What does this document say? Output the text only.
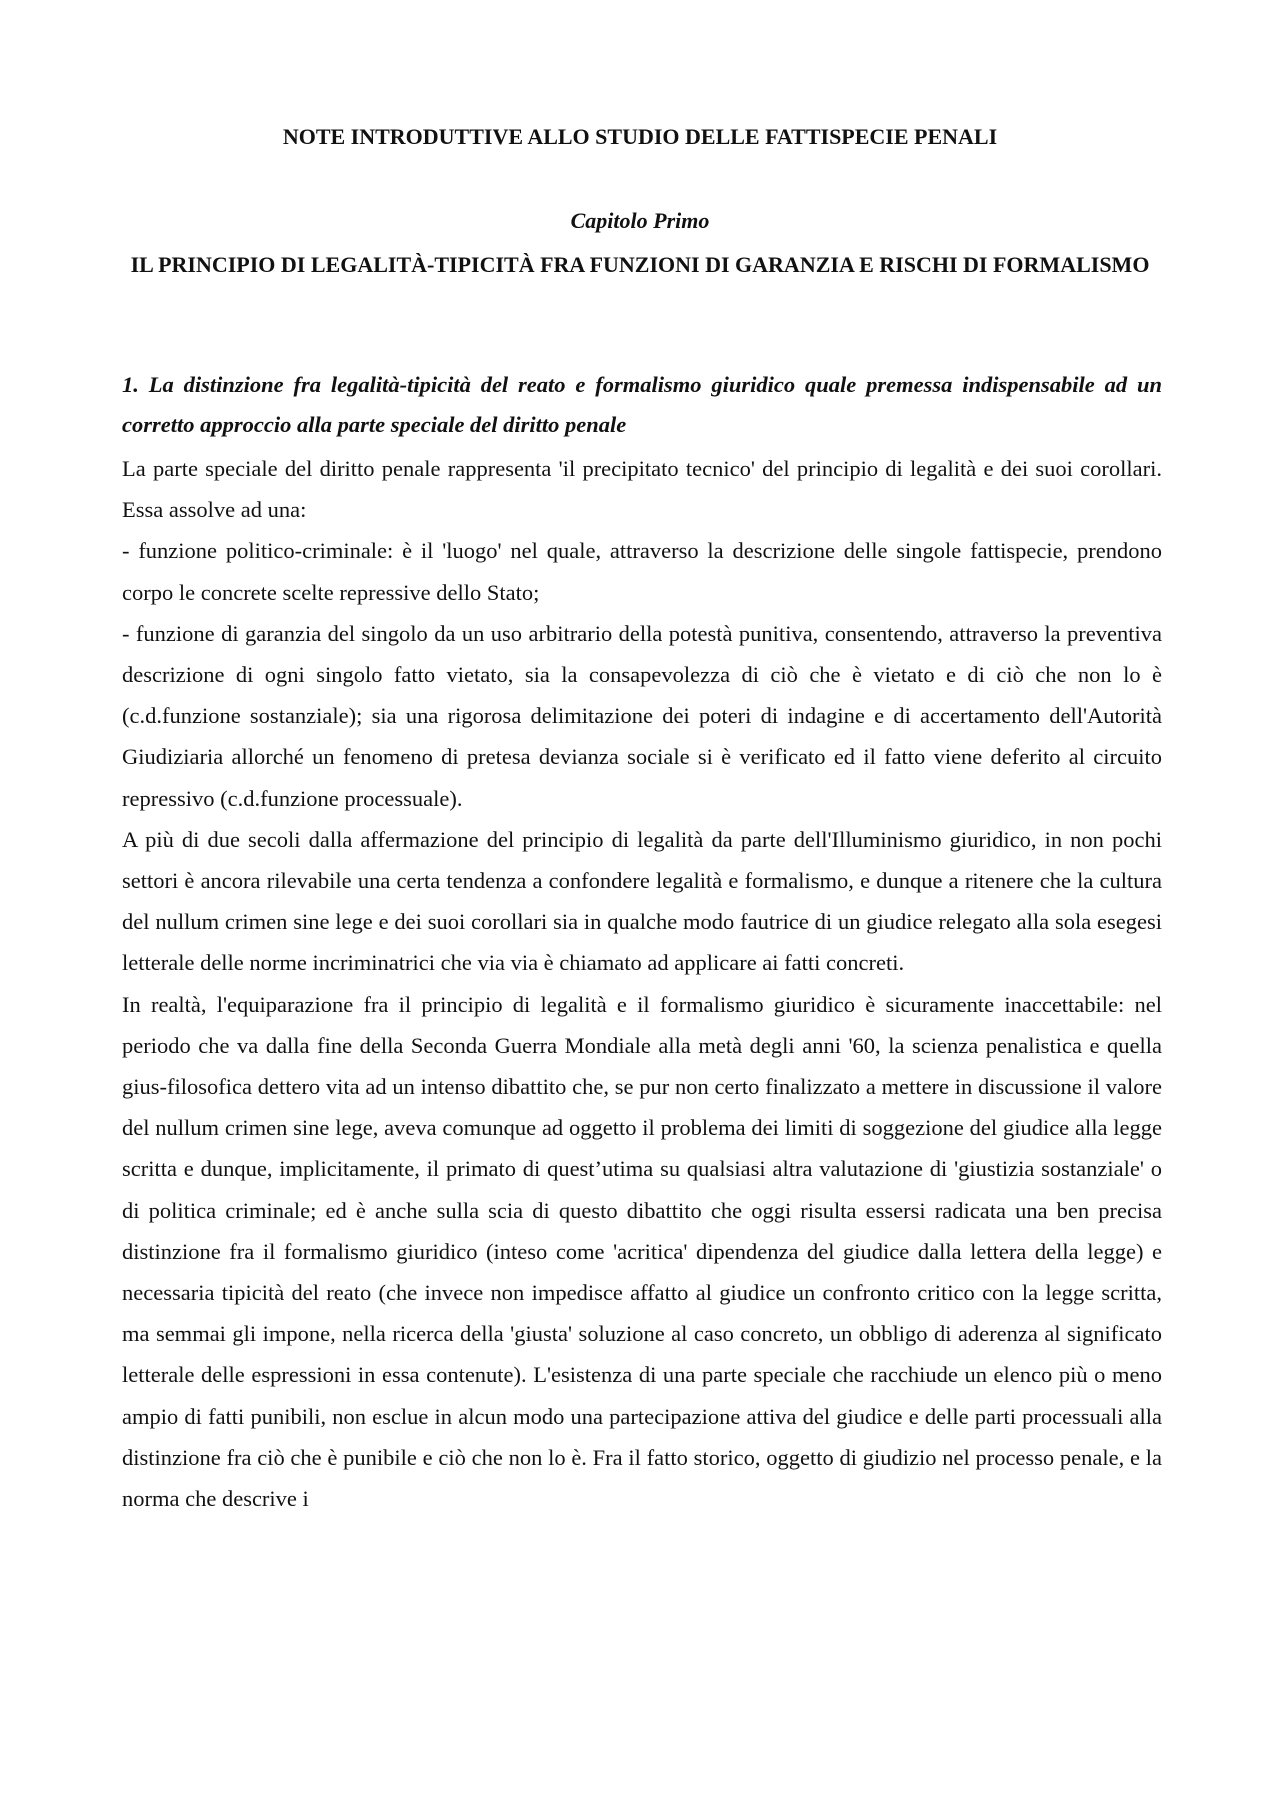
NOTE INTRODUTTIVE ALLO STUDIO DELLE FATTISPECIE PENALI
Capitolo Primo
IL PRINCIPIO DI LEGALITÀ-TIPICITÀ FRA FUNZIONI DI GARANZIA E RISCHI DI FORMALISMO
1. La distinzione fra legalità-tipicità del reato e formalismo giuridico quale premessa indispensabile ad un corretto approccio alla parte speciale del diritto penale

La parte speciale del diritto penale rappresenta 'il precipitato tecnico' del principio di legalità e dei suoi corollari. Essa assolve ad una:

- funzione politico-criminale: è il 'luogo' nel quale, attraverso la descrizione delle singole fattispecie, prendono corpo le concrete scelte repressive dello Stato;

- funzione di garanzia del singolo da un uso arbitrario della potestà punitiva, consentendo, attraverso la preventiva descrizione di ogni singolo fatto vietato, sia la consapevolezza di ciò che è vietato e di ciò che non lo è (c.d.funzione sostanziale); sia una rigorosa delimitazione dei poteri di indagine e di accertamento dell'Autorità Giudiziaria allorché un fenomeno di pretesa devianza sociale si è verificato ed il fatto viene deferito al circuito repressivo (c.d.funzione processuale).

A più di due secoli dalla affermazione del principio di legalità da parte dell'Illuminismo giuridico, in non pochi settori è ancora rilevabile una certa tendenza a confondere legalità e formalismo, e dunque a ritenere che la cultura del nullum crimen sine lege e dei suoi corollari sia in qualche modo fautrice di un giudice relegato alla sola esegesi letterale delle norme incriminatrici che via via è chiamato ad applicare ai fatti concreti.

In realtà, l'equiparazione fra il principio di legalità e il formalismo giuridico è sicuramente inaccettabile: nel periodo che va dalla fine della Seconda Guerra Mondiale alla metà degli anni '60, la scienza penalistica e quella gius-filosofica dettero vita ad un intenso dibattito che, se pur non certo finalizzato a mettere in discussione il valore del nullum crimen sine lege, aveva comunque ad oggetto il problema dei limiti di soggezione del giudice alla legge scritta e dunque, implicitamente, il primato di quest’utima su qualsiasi altra valutazione di 'giustizia sostanziale' o di politica criminale; ed è anche sulla scia di questo dibattito che oggi risulta essersi radicata una ben precisa distinzione fra il formalismo giuridico (inteso come 'acritica' dipendenza del giudice dalla lettera della legge) e necessaria tipicità del reato (che invece non impedisce affatto al giudice un confronto critico con la legge scritta, ma semmai gli impone, nella ricerca della 'giusta' soluzione al caso concreto, un obbligo di aderenza al significato letterale delle espressioni in essa contenute). L'esistenza di una parte speciale che racchiude un elenco più o meno ampio di fatti punibili, non esclue in alcun modo una partecipazione attiva del giudice e delle parti processuali alla distinzione fra ciò che è punibile e ciò che non lo è. Fra il fatto storico, oggetto di giudizio nel processo penale, e la norma che descrive i
